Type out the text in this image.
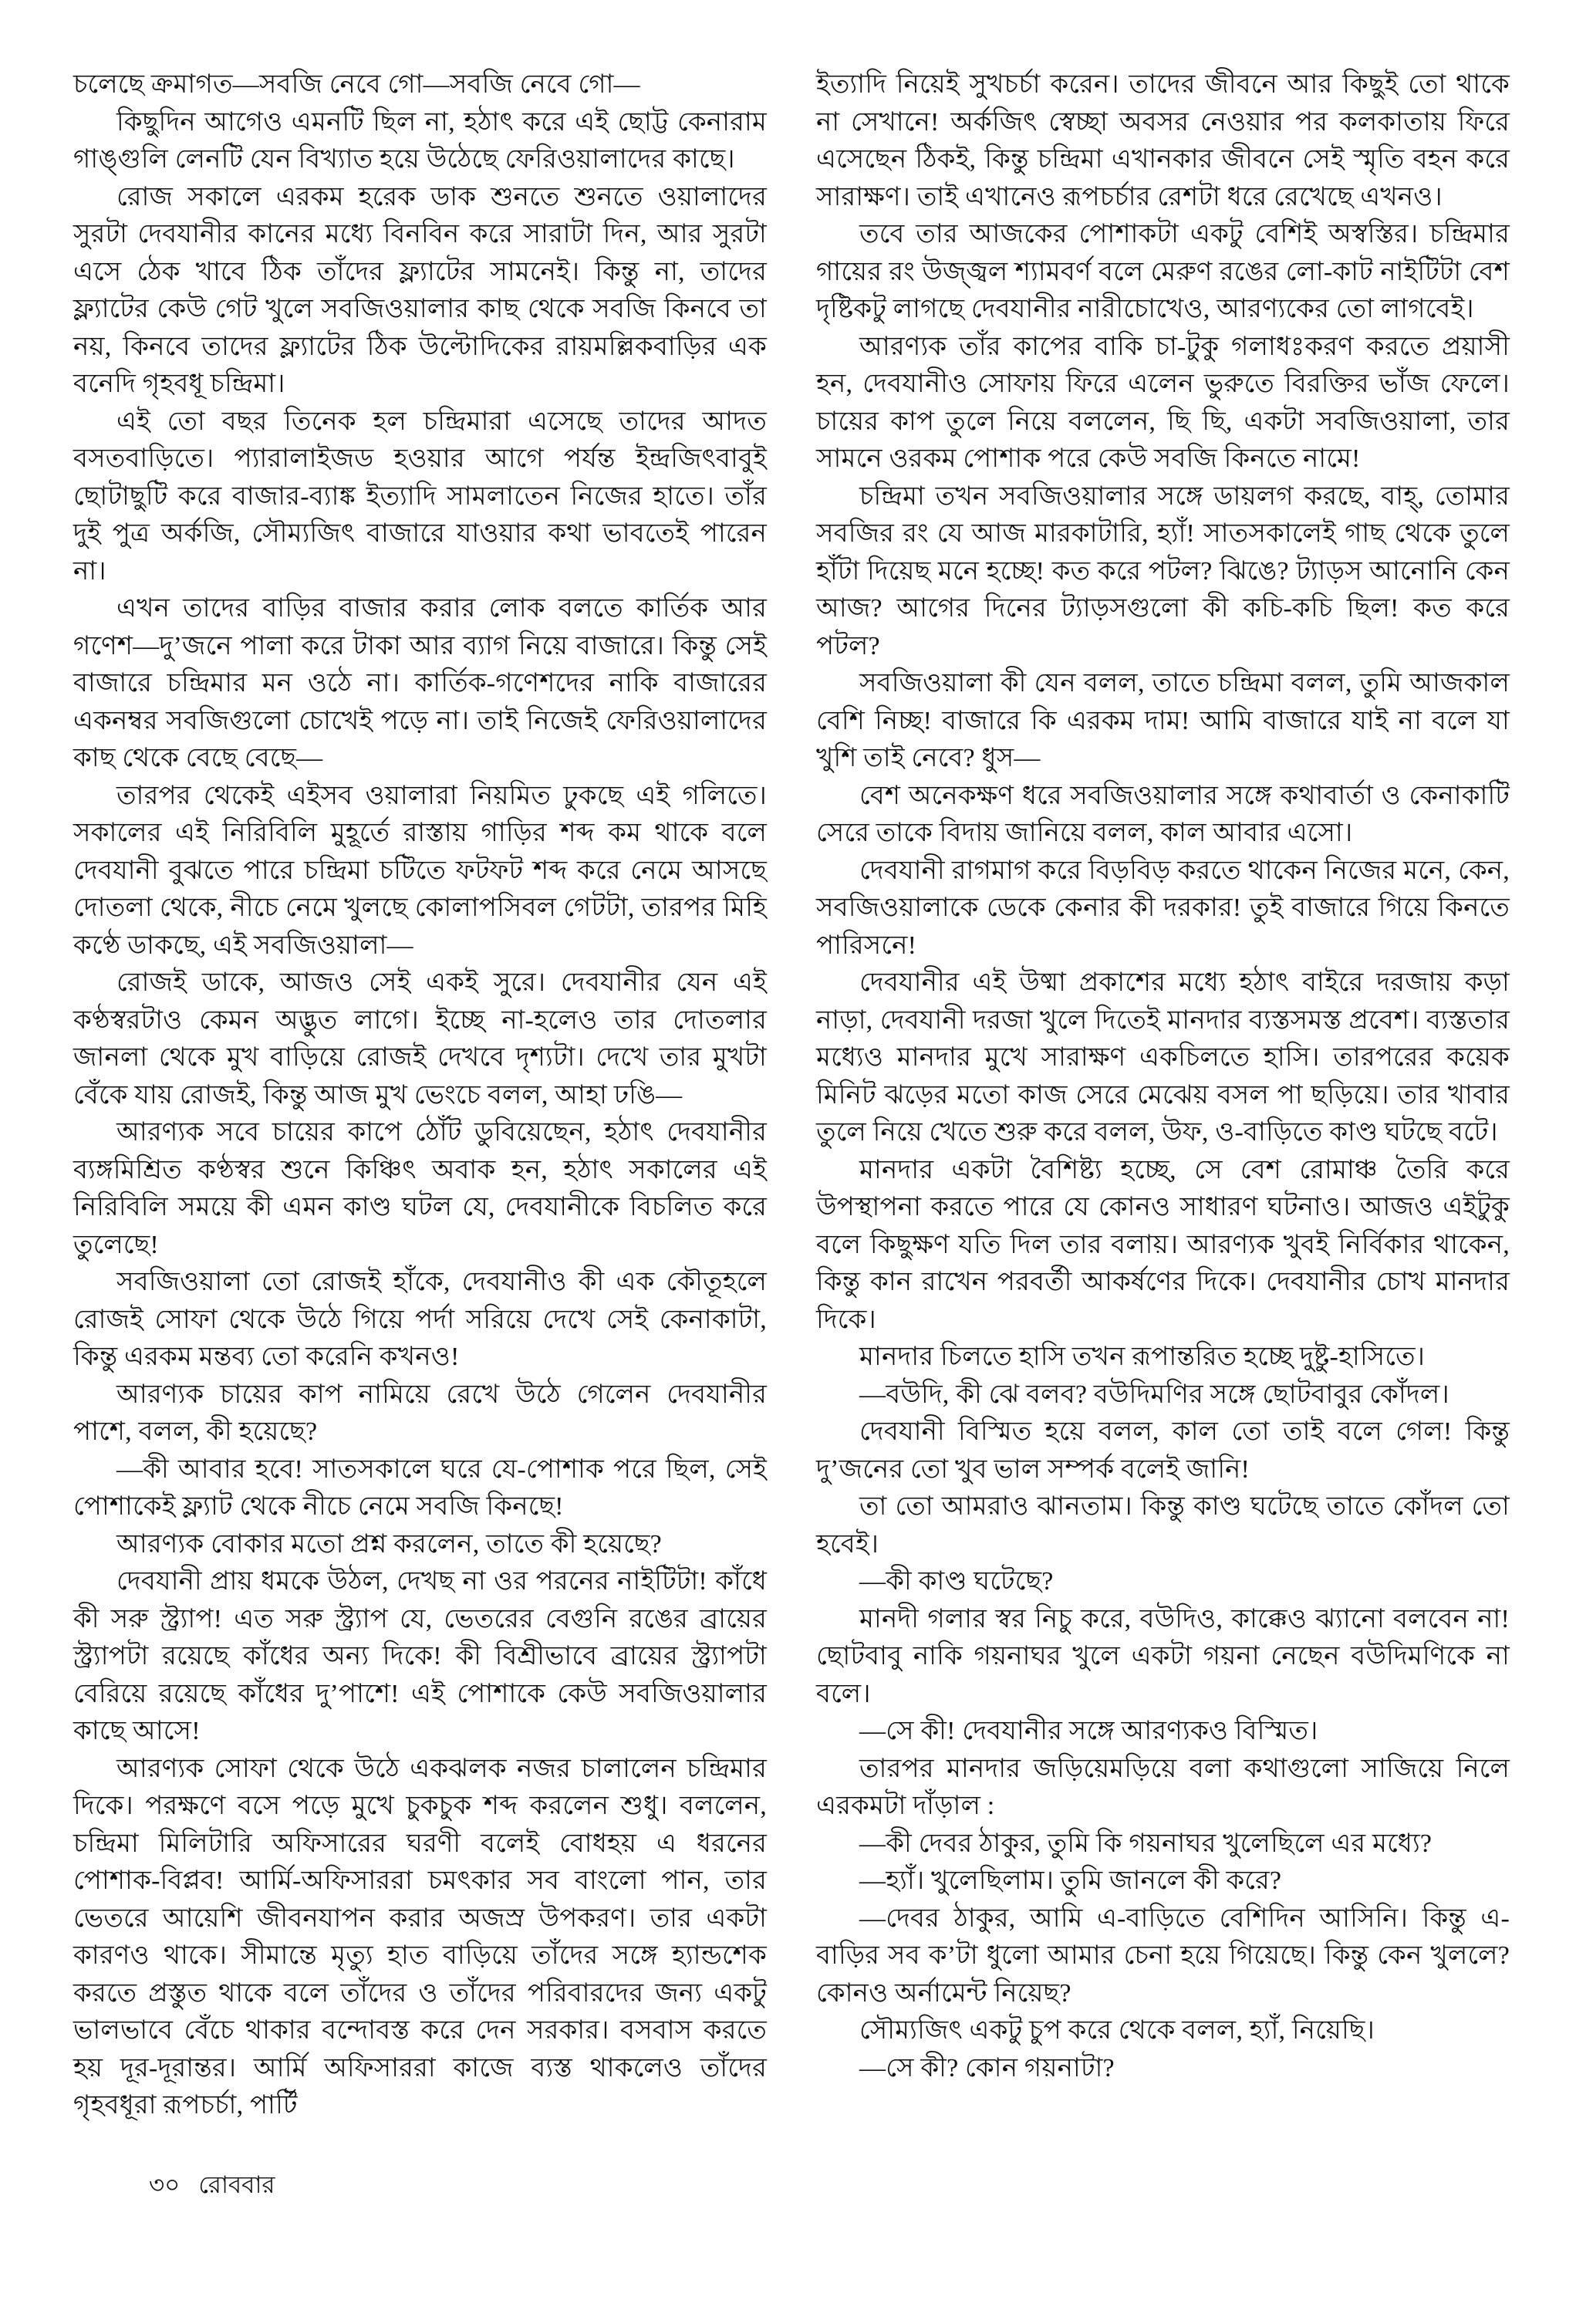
চলেছে ক্রমাগত—সবজি নেবে গো—সবজি নেবে গো—

কিছুদিন আগেও এমনটি ছিল না, হঠাৎ করে এই ছোট্ট কেনারাম গাঙ্গুলি লেনটি যেন বিখ্যাত হয়ে উঠেছে ফেরিওয়ালাদের কাছে।

রোজ সকালে এরকম হরেক ডাক শুনতে শুনতে ওয়ালাদের সুরটা দেবযানীর কানের মধ্যে বিনবিন করে সারাটা দিন, আর সুরটা এসে ঠেক খাবে ঠিক তাঁদের ফ্ল্যাটের সামনেই। কিন্তু না, তাদের ফ্ল্যাটের কেউ গেট খুলে সবজিওয়ালার কাছ থেকে সবজি কিনবে তা নয়, কিনবে তাদের ফ্ল্যাটের ঠিক উল্টোদিকের রায়মল্লিকবাড়ির এক বনেদি গৃহবধূ চন্দ্রিমা।

এই তো বছর তিনেক হল চন্দ্রিমারা এসেছে তাদের আদত বসতবাড়িতে। প্যারালাইজড হওয়ার আগে পর্যন্ত ইন্দ্রজিৎবাবুই ছোটাছুটি করে বাজার-ব্যাঙ্ক ইত্যাদি সামলাতেন নিজের হাতে। তাঁর দুই পুত্র অর্কজি, সৌম্যজিৎ বাজারে যাওয়ার কথা ভাবতেই পারেন না।

এখন তাদের বাড়ির বাজার করার লোক বলতে কার্তিক আর গণেশ—দু’জনে পালা করে টাকা আর ব্যাগ নিয়ে বাজারে। কিন্তু সেই বাজারে চন্দ্রিমার মন ওঠে না। কার্তিক-গণেশদের নাকি বাজারের একনম্বর সবজিগুলো চোখেই পড়ে না। তাই নিজেই ফেরিওয়ালাদের কাছ থেকে বেছে বেছে—

তারপর থেকেই এইসব ওয়ালারা নিয়মিত ঢুকছে এই গলিতে। সকালের এই নিরিবিলি মুহূর্তে রাস্তায় গাড়ির শব্দ কম থাকে বলে দেবযানী বুঝতে পারে চন্দ্রিমা চটিতে ফটফট শব্দ করে নেমে আসছে দোতলা থেকে, নীচে নেমে খুলছে কোলাপসিবল গেটটা, তারপর মিহি কণ্ঠে ডাকছে, এই সবজিওয়ালা—

রোজই ডাকে, আজও সেই একই সুরে। দেবযানীর যেন এই কণ্ঠস্বরটাও কেমন অদ্ভুত লাগে। ইচ্ছে না-হলেও তার দোতলার জানলা থেকে মুখ বাড়িয়ে রোজই দেখবে দৃশ্যটা। দেখে তার মুখটা বেঁকে যায় রোজই, কিন্তু আজ মুখ ভেংচে বলল, আহা ঢঙি—

আরণ্যক সবে চায়ের কাপে ঠোঁট ডুবিয়েছেন, হঠাৎ দেবযানীর ব্যঙ্গমিশ্রিত কণ্ঠস্বর শুনে কিঞ্চিৎ অবাক হন, হঠাৎ সকালের এই নিরিবিলি সময়ে কী এমন কাণ্ড ঘটল যে, দেবযানীকে বিচলিত করে তুলেছে!

সবজিওয়ালা তো রোজই হাঁকে, দেবযানীও কী এক কৌতূহলে রোজই সোফা থেকে উঠে গিয়ে পর্দা সরিয়ে দেখে সেই কেনাকাটা, কিন্তু এরকম মন্তব্য তো করেনি কখনও!

আরণ্যক চায়ের কাপ নামিয়ে রেখে উঠে গেলেন দেবযানীর পাশে, বলল, কী হয়েছে?

—কী আবার হবে! সাতসকালে ঘরে যে-পোশাক পরে ছিল, সেই পোশাকেই ফ্ল্যাট থেকে নীচে নেমে সবজি কিনছে!

আরণ্যক বোকার মতো প্রশ্ন করলেন, তাতে কী হয়েছে?

দেবযানী প্রায় ধমকে উঠল, দেখছ না ওর পরনের নাইটিটা! কাঁধে কী সরু স্ট্র্যাপ! এত সরু স্ট্র্যাপ যে, ভেতরের বেগুনি রঙের ব্রায়ের স্ট্র্যাপটা রয়েছে কাঁধের অন্য দিকে! কী বিশ্রীভাবে ব্রায়ের স্ট্র্যাপটা বেরিয়ে রয়েছে কাঁধের দু’পাশে! এই পোশাকে কেউ সবজিওয়ালার কাছে আসে!

আরণ্যক সোফা থেকে উঠে একঝলক নজর চালালেন চন্দ্রিমার দিকে। পরক্ষণে বসে পড়ে মুখে চুকচুক শব্দ করলেন শুধু। বললেন, চন্দ্রিমা মিলিটারি অফিসারের ঘরণী বলেই বোধহয় এ ধরনের পোশাক-বিপ্লব! আর্মি-অফিসাররা চমৎকার সব বাংলো পান, তার ভেতরে আয়েশি জীবনযাপন করার অজস্র উপকরণ। তার একটা কারণও থাকে। সীমান্তে মৃত্যু হাত বাড়িয়ে তাঁদের সঙ্গে হ্যান্ডশেক করতে প্রস্তুত থাকে বলে তাঁদের ও তাঁদের পরিবারদের জন্য একটু ভালভাবে বেঁচে থাকার বন্দোবস্ত করে দেন সরকার। বসবাস করতে হয় দূর-দূরান্তর। আর্মি অফিসাররা কাজে ব্যস্ত থাকলেও তাঁদের গৃহবধূরা রূপচর্চা, পার্টি

ইত্যাদি নিয়েই সুখচর্চা করেন। তাদের জীবনে আর কিছুই তো থাকে না সেখানে! অর্কজিৎ স্বেচ্ছা অবসর নেওয়ার পর কলকাতায় ফিরে এসেছেন ঠিকই, কিন্তু চন্দ্রিমা এখানকার জীবনে সেই স্মৃতি বহন করে সারাক্ষণ। তাই এখানেও রূপচর্চার রেশটা ধরে রেখেছে এখনও।

তবে তার আজকের পোশাকটা একটু বেশিই অস্বস্তির। চন্দ্রিমার গায়ের রং উজ্জ্বল শ্যামবর্ণ বলে মেরুণ রঙের লো-কাট নাইটিটা বেশ দৃষ্টিকটু লাগছে দেবযানীর নারীচোখেও, আরণ্যকের তো লাগবেই।

আরণ্যক তাঁর কাপের বাকি চা-টুকু গলাধঃকরণ করতে প্রয়াসী হন, দেবযানীও সোফায় ফিরে এলেন ভুরুতে বিরক্তির ভাঁজ ফেলে। চায়ের কাপ তুলে নিয়ে বললেন, ছি ছি, একটা সবজিওয়ালা, তার সামনে ওরকম পোশাক পরে কেউ সবজি কিনতে নামে!

চন্দ্রিমা তখন সবজিওয়ালার সঙ্গে ডায়লগ করছে, বাহ্, তোমার সবজির রং যে আজ মারকাটারি, হ্যাঁ! সাতসকালেই গাছ থেকে তুলে হাঁটা দিয়েছ মনে হচ্ছে! কত করে পটল? ঝিঙে? ট্যাড়স আনোনি কেন আজ? আগের দিনের ট্যাড়সগুলো কী কচি-কচি ছিল! কত করে পটল?

সবজিওয়ালা কী যেন বলল, তাতে চন্দ্রিমা বলল, তুমি আজকাল বেশি নিচ্ছ! বাজারে কি এরকম দাম! আমি বাজারে যাই না বলে যা খুশি তাই নেবে? ধুস—

বেশ অনেকক্ষণ ধরে সবজিওয়ালার সঙ্গে কথাবার্তা ও কেনাকাটি সেরে তাকে বিদায় জানিয়ে বলল, কাল আবার এসো।

দেবযানী রাগমাগ করে বিড়বিড় করতে থাকেন নিজের মনে, কেন, সবজিওয়ালাকে ডেকে কেনার কী দরকার! তুই বাজারে গিয়ে কিনতে পারিসনে!

দেবযানীর এই উষ্মা প্রকাশের মধ্যে হঠাৎ বাইরে দরজায় কড়া নাড়া, দেবযানী দরজা খুলে দিতেই মানদার ব্যস্তসমস্ত প্রবেশ। ব্যস্ততার মধ্যেও মানদার মুখে সারাক্ষণ একচিলতে হাসি। তারপরের কয়েক মিনিট ঝড়ের মতো কাজ সেরে মেঝেয় বসল পা ছড়িয়ে। তার খাবার তুলে নিয়ে খেতে শুরু করে বলল, উফ, ও-বাড়িতে কাণ্ড ঘটছে বটে।

মানদার একটা বৈশিষ্ট্য হচ্ছে, সে বেশ রোমাঞ্চ তৈরি করে উপস্থাপনা করতে পারে যে কোনও সাধারণ ঘটনাও। আজও এইটুকু বলে কিছুক্ষণ যতি দিল তার বলায়। আরণ্যক খুবই নির্বিকার থাকেন, কিন্তু কান রাখেন পরবর্তী আকর্ষণের দিকে। দেবযানীর চোখ মানদার দিকে।

মানদার চিলতে হাসি তখন রূপান্তরিত হচ্ছে দুষ্টু-হাসিতে।

—বউদি, কী ঝে বলব? বউদিমণির সঙ্গে ছোটবাবুর কোঁদল।

দেবযানী বিস্মিত হয়ে বলল, কাল তো তাই বলে গেল! কিন্তু দু’জনের তো খুব ভাল সম্পর্ক বলেই জানি!

তা তো আমরাও ঝানতাম। কিন্তু কাণ্ড ঘটেছে তাতে কোঁদল তো হবেই।

—কী কাণ্ড ঘটেছে?

মানদী গলার স্বর নিচু করে, বউদিও, কাক্কেও ঝ্যানো বলবেন না! ছোটবাবু নাকি গয়নাঘর খুলে একটা গয়না নেছেন বউদিমণিকে না বলে।

—সে কী! দেবযানীর সঙ্গে আরণ্যকও বিস্মিত।

তারপর মানদার জড়িয়েমড়িয়ে বলা কথাগুলো সাজিয়ে নিলে এরকমটা দাঁড়াল :

—কী দেবর ঠাকুর, তুমি কি গয়নাঘর খুলেছিলে এর মধ্যে?

—হ্যাঁ। খুলেছিলাম। তুমি জানলে কী করে?

—দেবর ঠাকুর, আমি এ-বাড়িতে বেশিদিন আসিনি। কিন্তু এ-বাড়ির সব ক’টা ধুলো আমার চেনা হয়ে গিয়েছে। কিন্তু কেন খুললে? কোনও অর্নামেন্ট নিয়েছ?

সৌম্যজিৎ একটু চুপ করে থেকে বলল, হ্যাঁ, নিয়েছি।

—সে কী? কোন গয়নাটা?

৩০ রোববার
